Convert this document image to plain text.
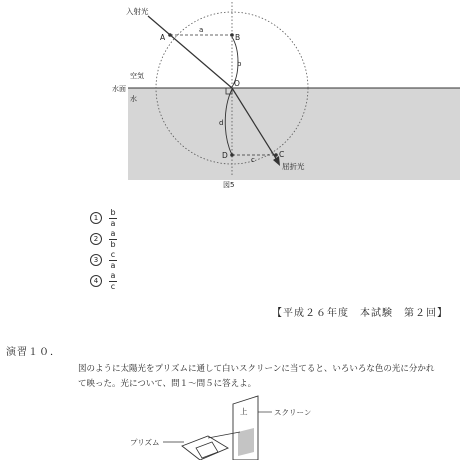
入射光
A	B
a
b
O
空気
水面
水
d
D	C
c
屈折光
図5
上	スクリーン
プリズム
1	$\frac{b}{a}$
2	$\frac{a}{b}$
3	$\frac{c}{a}$
4	$\frac{a}{c}$
【平成２６年度　本試験　第２回】
演習１０．
図のように太陽光をプリズムに通して白いスクリーンに当てると、いろいろな色の光に分かれ
て映った。光について、問１～問５に答えよ。
